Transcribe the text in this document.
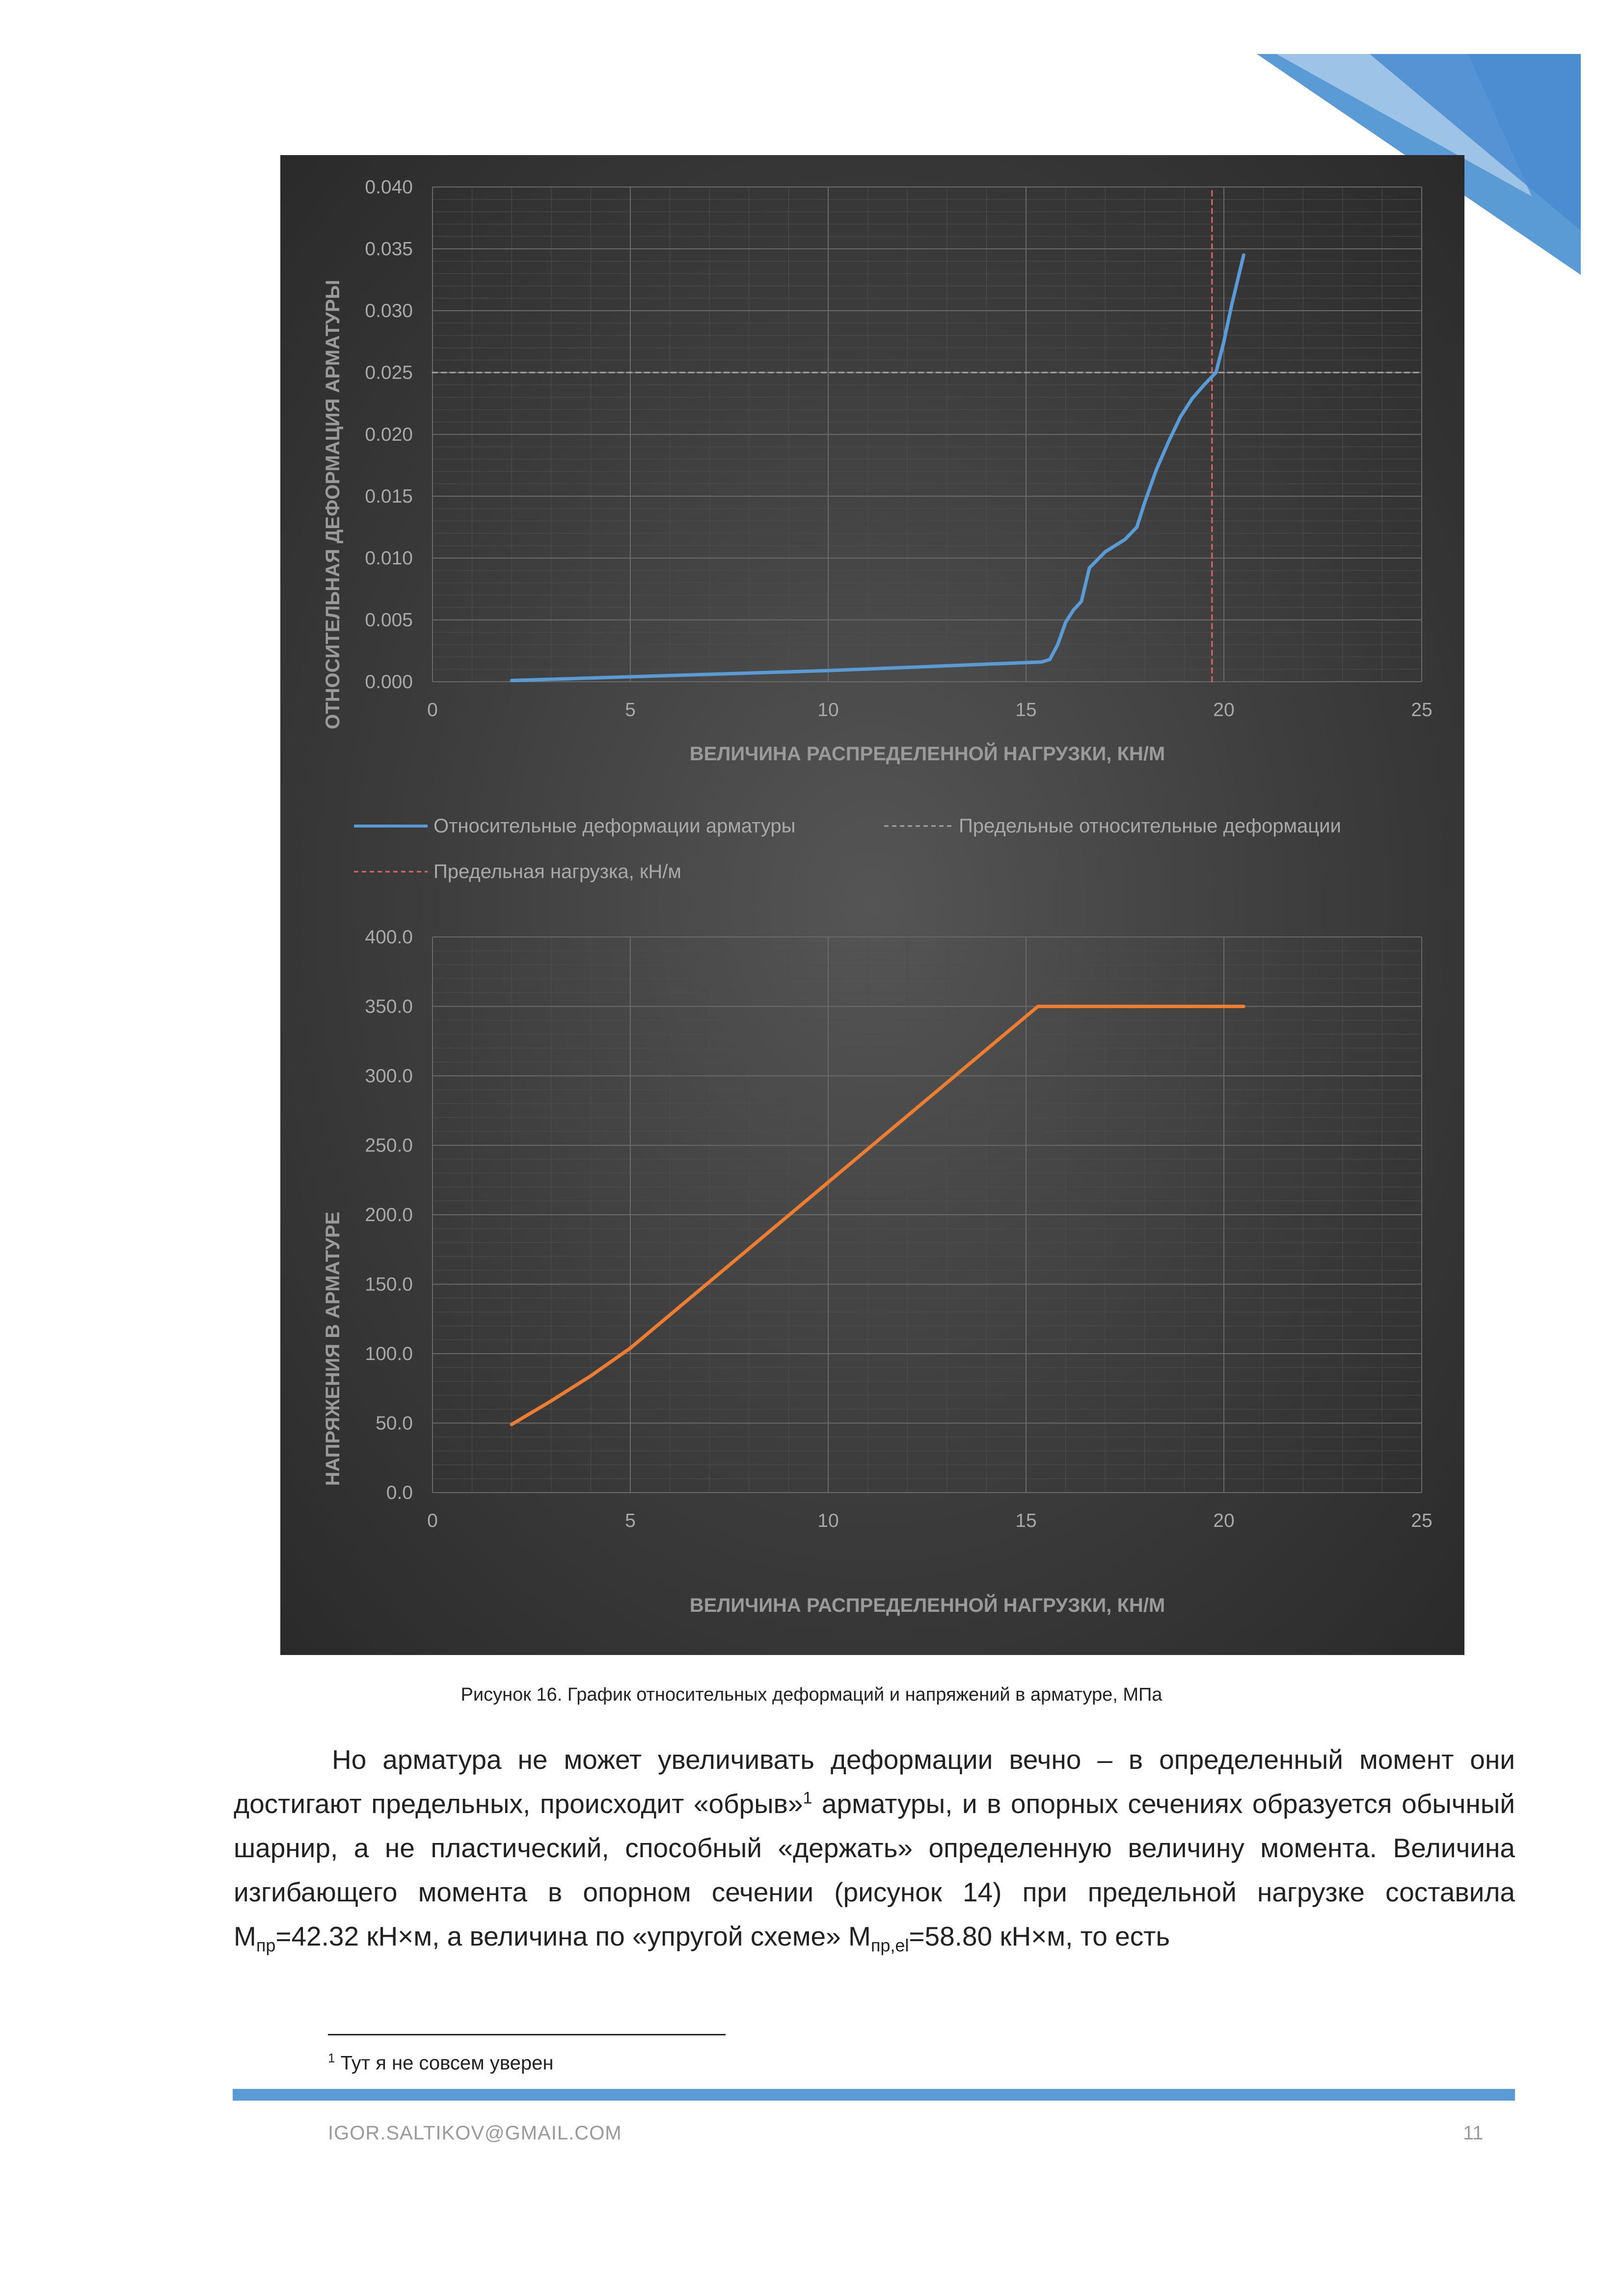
0	5	10	15	20	25
0.000
0.005
0.010
0.015
0.020
0.025
0.030
0.035
0.040
ВЕЛИЧИНА РАСПРЕДЕЛЕННОЙ НАГРУЗКИ, КН/М
ОТНОСИТЕЛЬНАЯ ДЕФОРМАЦИЯ АРМАТУРЫ
Относительные деформации арматуры	Предельные относительные деформации
Предельная нагрузка, кН/м
0	5	10	15	20	25
0.0
50.0
100.0
150.0
200.0
250.0
300.0
350.0
400.0
ВЕЛИЧИНА РАСПРЕДЕЛЕННОЙ НАГРУЗКИ, КН/М
НАПРЯЖЕНИЯ В АРМАТУРЕ
Рисунок 16. График относительных деформаций и напряжений в арматуре, МПа

Но арматура не может увеличивать деформации вечно – в определенный момент они достигают предельных, происходит «обрыв»$^1$ арматуры, и в опорных сечениях образуется обычный шарнир, а не пластический, способный «держать» определенную величину момента. Величина изгибающего момента в опорном сечении (рисунок 14) при предельной нагрузке составила $M_{пр}=42.32$ кН×м, а величина по «упругой схеме» $M_{пр,el}=58.80$ кН×м, то есть

$^1$ Тут я не совсем уверен
IGOR.SALTIKOV@GMAIL.COM	11
